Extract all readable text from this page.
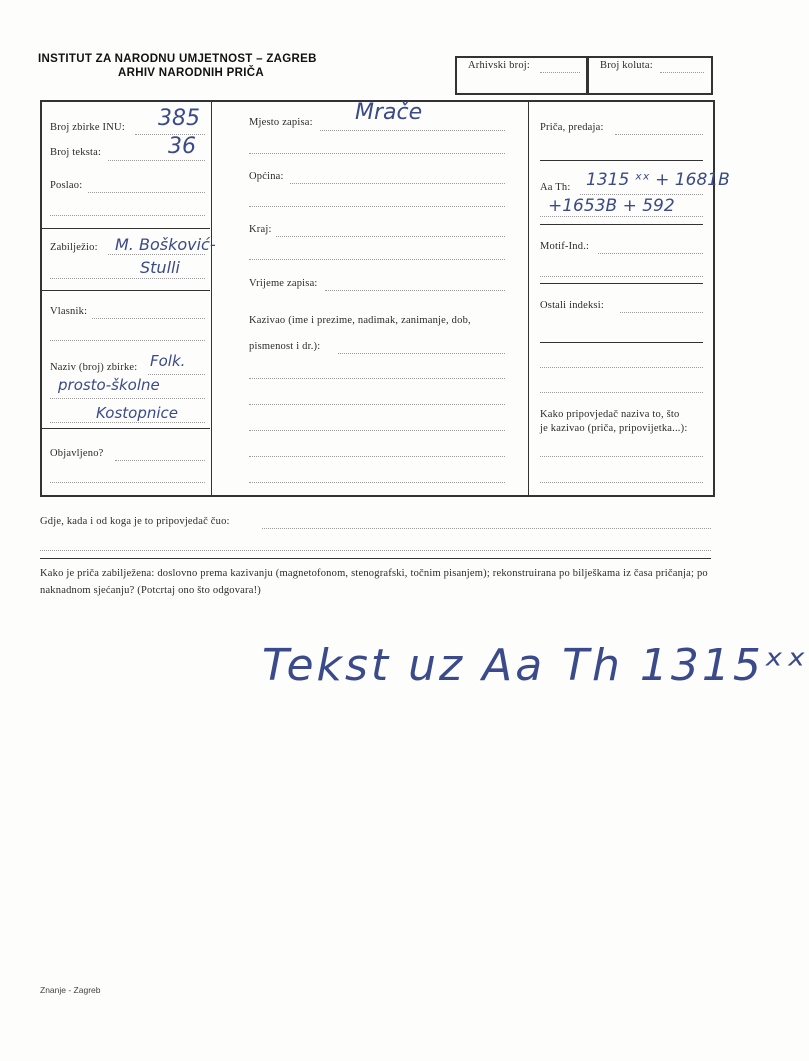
INSTITUT ZA NARODNU UMJETNOST – ZAGREB
ARHIV NARODNIH PRIČA
Arhivski broj:	Broj koluta:
Broj zbirke INU: 385
Broj teksta:	36
Poslao:
Zabilježio: M. Bošković-
Stulli
Vlasnik:
Naziv (broj) zbirke: Folk.
prosto-školne
Kostopnice
Objavljeno?
Mjesto zapisa: Mrače
Općina:
Kraj:
Vrijeme zapisa:
Kazivao (ime i prezime, nadimak, zanimanje, dob,
pismenost i dr.):
Priča, predaja:
Aa Th: 1315 ˣˣ + 1681B
+1653B + 592
Motif-Ind.:
Ostali indeksi:
Kako pripovjedač naziva to, što
je kazivao (priča, pripovijetka...):
Gdje, kada i od koga je to pripovjedač čuo:
Kako je priča zabilježena: doslovno prema kazivanju (magnetofonom, stenografski, točnim pisanjem); rekonstruirana po bilješkama iz časa pričanja; po naknadnom sjećanju? (Potcrtaj ono što odgovara!)
Tekst uz Aa Th 1315ˣˣ
Znanje - Zagreb
